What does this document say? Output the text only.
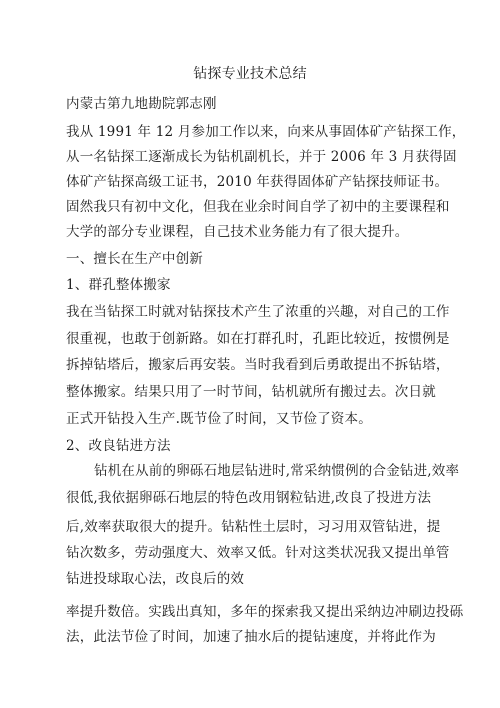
钻探专业技术总结
内蒙古第九地勘院郭志刚
我从 1991 年 12 月参加工作以来，向来从事固体矿产钻探工作，
从一名钻探工逐渐成长为钻机副机长，并于 2006 年 3 月获得固
体矿产钻探高级工证书，2010 年获得固体矿产钻探技师证书。
固然我只有初中文化，但我在业余时间自学了初中的主要课程和
大学的部分专业课程，自己技术业务能力有了很大提升。
一、擅长在生产中创新
1、群孔整体搬家
我在当钻探工时就对钻探技术产生了浓重的兴趣，对自己的工作
很重视，也敢于创新路。如在打群孔时，孔距比较近，按惯例是
拆掉钻塔后，搬家后再安装。当时我看到后勇敢提出不拆钻塔，
整体搬家。结果只用了一时节间，钻机就所有搬过去。次日就
正式开钻投入生产.既节俭了时间，又节俭了资本。
2、改良钻进方法
钻机在从前的卵砾石地层钻进时,常采纳惯例的合金钻进,效率
很低,我依据卵砾石地层的特色改用钢粒钻进,改良了投进方法
后,效率获取很大的提升。钻粘性土层时，习习用双管钻进，提
钻次数多，劳动强度大、效率又低。针对这类状况我又提出单管
钻进投球取心法，改良后的效
率提升数倍。实践出真知，多年的探索我又提出采纳边冲刷边投砾
法，此法节俭了时间，加速了抽水后的提钻速度，并将此作为
